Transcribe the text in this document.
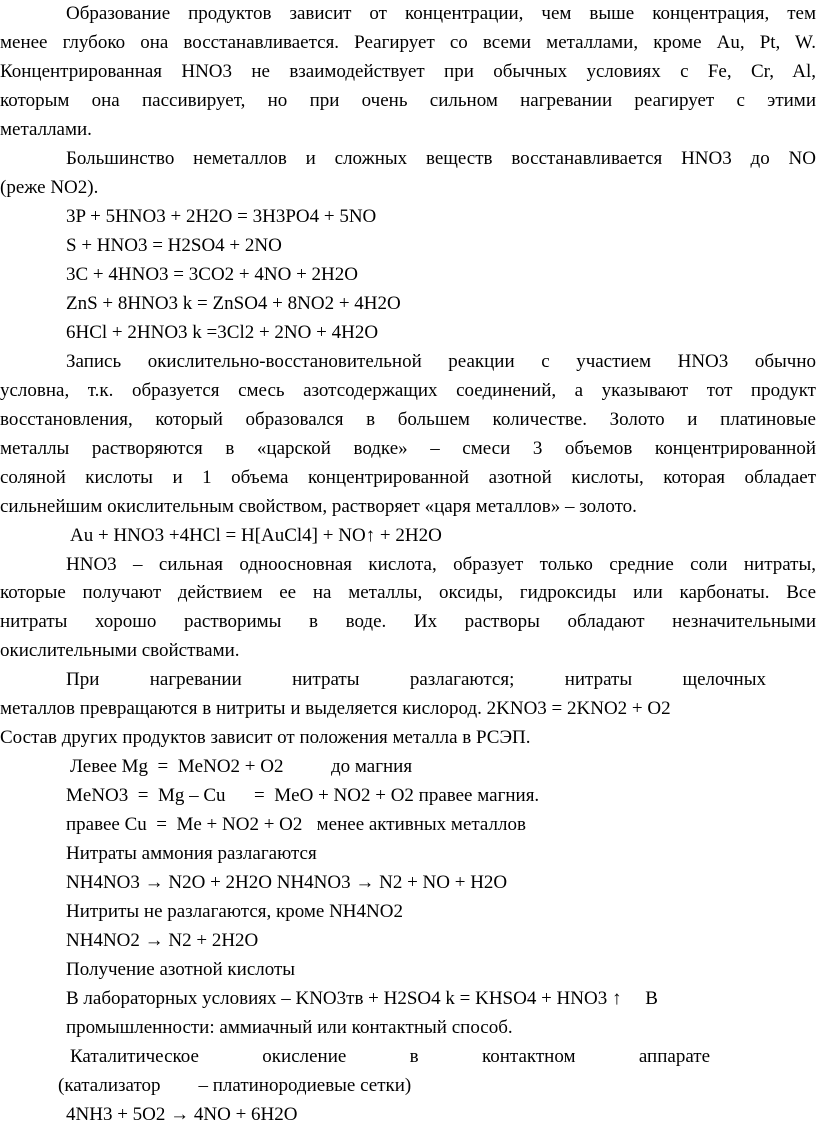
Образование продуктов зависит от концентрации, чем выше концентрация, тем
менее глубоко она восстанавливается. Реагирует со всеми металлами, кроме Au, Pt, W.
Концентрированная HNO3 не взаимодействует при обычных условиях с Fe, Cr, Al,
которым она пассивирует, но при очень сильном нагревании реагирует с этими
металлами.
Большинство неметаллов и сложных веществ восстанавливается HNO3 до NO
(реже NO2).
3P + 5HNO3 + 2H2O = 3H3PO4 + 5NO
S + HNO3 = H2SO4 + 2NO
3C + 4HNO3 = 3CO2 + 4NO + 2H2O
ZnS + 8HNO3 k = ZnSO4 + 8NO2 + 4H2O
6HCl + 2HNO3 k =3Cl2 + 2NO + 4H2O
Запись окислительно-восстановительной реакции с участием HNO3 обычно
условна, т.к. образуется смесь азотсодержащих соединений, а указывают тот продукт
восстановления, который образовался в большем количестве. Золото и платиновые
металлы растворяются в «царской водке» – смеси 3 объемов концентрированной
соляной кислоты и 1 объема концентрированной азотной кислоты, которая обладает
сильнейшим окислительным свойством, растворяет «царя металлов» – золото.
Au + HNO3 +4HCl = H[AuCl4] + NO↑ + 2H2O
HNO3 – сильная одноосновная кислота, образует только средние соли нитраты,
которые получают действием ее на металлы, оксиды, гидроксиды или карбонаты. Все
нитраты хорошо растворимы в воде. Их растворы обладают незначительными
окислительными свойствами.
При нагревании нитраты разлагаются; нитраты щелочных
металлов превращаются в нитриты и выделяется кислород. 2KNO3 = 2KNO2 + O2
Состав других продуктов зависит от положения металла в РСЭП.
Левее Mg  =  MeNO2 + O2          до магния
MeNO3  =  Mg – Cu      =  MeO + NO2 + O2 правее магния.
правее Cu  =  Me + NO2 + O2   менее активных металлов
Нитраты аммония разлагаются
NH4NO3 → N2O + 2H2O NH4NO3 → N2 + NO + H2O
Нитриты не разлагаются, кроме NH4NO2
NH4NO2 → N2 + 2H2O
Получение азотной кислоты
В лабораторных условиях – KNO3тв + H2SO4 k = KHSO4 + HNO3 ↑     В
промышленности: аммиачный или контактный способ.
Каталитическое окисление в контактном аппарате
(катализатор        – платинородиевые сетки)
4NH3 + 5O2 → 4NO + 6H2O
